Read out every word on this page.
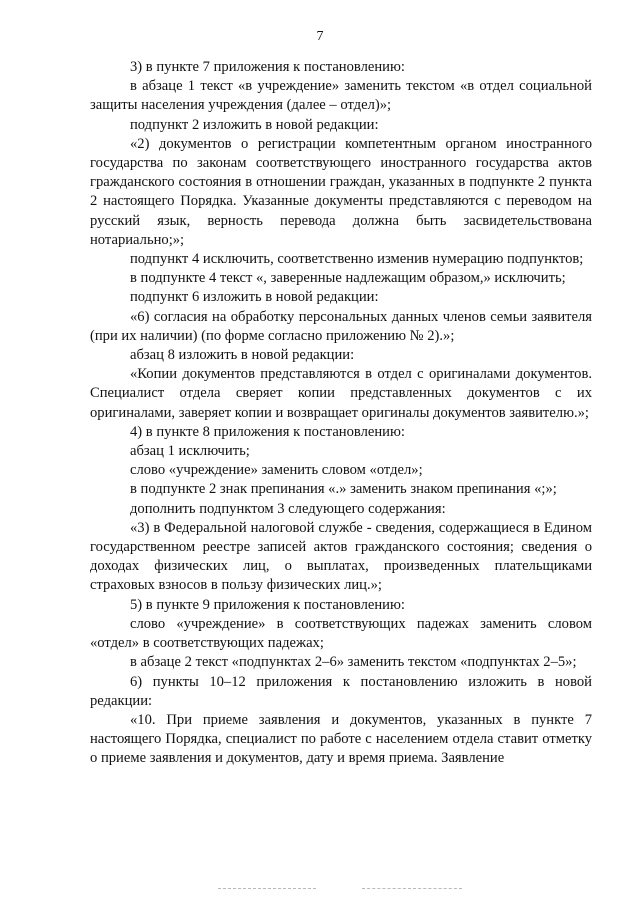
7

3) в пункте 7 приложения к постановлению:

в абзаце 1 текст «в учреждение» заменить текстом «в отдел социальной защиты населения учреждения (далее – отдел)»;

подпункт 2 изложить в новой редакции:

«2) документов о регистрации компетентным органом иностранного государства по законам соответствующего иностранного государства актов гражданского состояния в отношении граждан, указанных в подпункте 2 пункта 2 настоящего Порядка. Указанные документы представляются с переводом на русский язык, верность перевода должна быть засвидетельствована нотариально;»;

подпункт 4 исключить, соответственно изменив нумерацию подпунктов;

в подпункте 4 текст «, заверенные надлежащим образом,» исключить;

подпункт 6 изложить в новой редакции:

«6) согласия на обработку персональных данных членов семьи заявителя (при их наличии) (по форме согласно приложению № 2).»;

абзац 8 изложить в новой редакции:

«Копии документов представляются в отдел с оригиналами документов. Специалист отдела сверяет копии представленных документов с их оригиналами, заверяет копии и возвращает оригиналы документов заявителю.»;

4) в пункте 8 приложения к постановлению:

абзац 1 исключить;

слово «учреждение» заменить словом «отдел»;

в подпункте 2 знак препинания «.» заменить знаком препинания «;»;

дополнить подпунктом 3 следующего содержания:

«3) в Федеральной налоговой службе - сведения, содержащиеся в Едином государственном реестре записей актов гражданского состояния; сведения о доходах физических лиц, о выплатах, произведенных плательщиками страховых взносов в пользу физических лиц.»;

5) в пункте 9 приложения к постановлению:

слово «учреждение» в соответствующих падежах заменить словом «отдел» в соответствующих падежах;

в абзаце 2 текст «подпунктах 2–6» заменить текстом «подпунктах 2–5»;

6) пункты 10–12 приложения к постановлению изложить в новой редакции:

«10. При приеме заявления и документов, указанных в пункте 7 настоящего Порядка, специалист по работе с населением отдела ставит отметку о приеме заявления и документов, дату и время приема. Заявление
